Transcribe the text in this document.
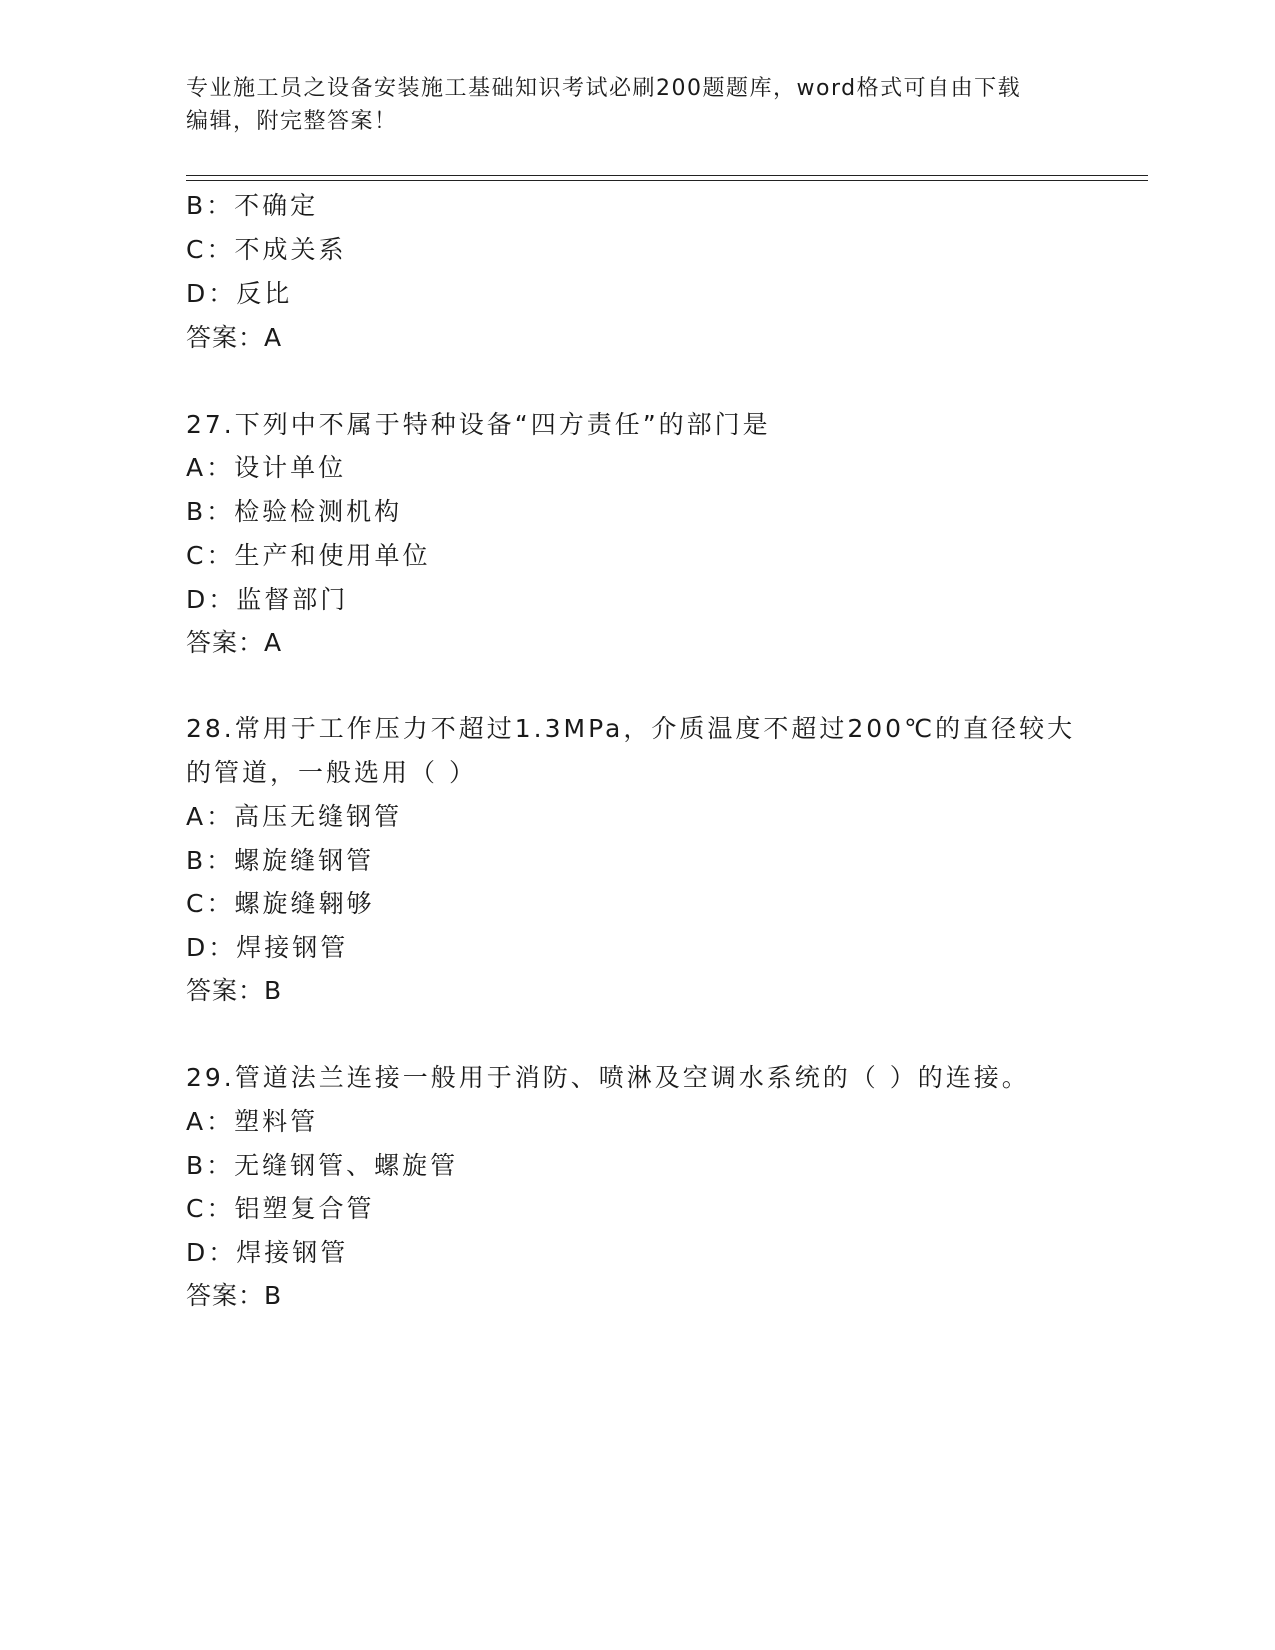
专业施工员之设备安装施工基础知识考试必刷200题题库，word格式可自由下载
编辑，附完整答案！
B：不确定
C：不成关系
D：反比
答案：A
27.下列中不属于特种设备“四方责任”的部门是
A：设计单位
B：检验检测机构
C：生产和使用单位
D：监督部门
答案：A
28.常用于工作压力不超过1.3MPa，介质温度不超过200℃的直径较大
的管道，一般选用（ ）
A：高压无缝钢管
B：螺旋缝钢管
C：螺旋缝翱够
D：焊接钢管
答案：B
29.管道法兰连接一般用于消防、喷淋及空调水系统的（ ）的连接。
A：塑料管
B：无缝钢管、螺旋管
C：铝塑复合管
D：焊接钢管
答案：B
